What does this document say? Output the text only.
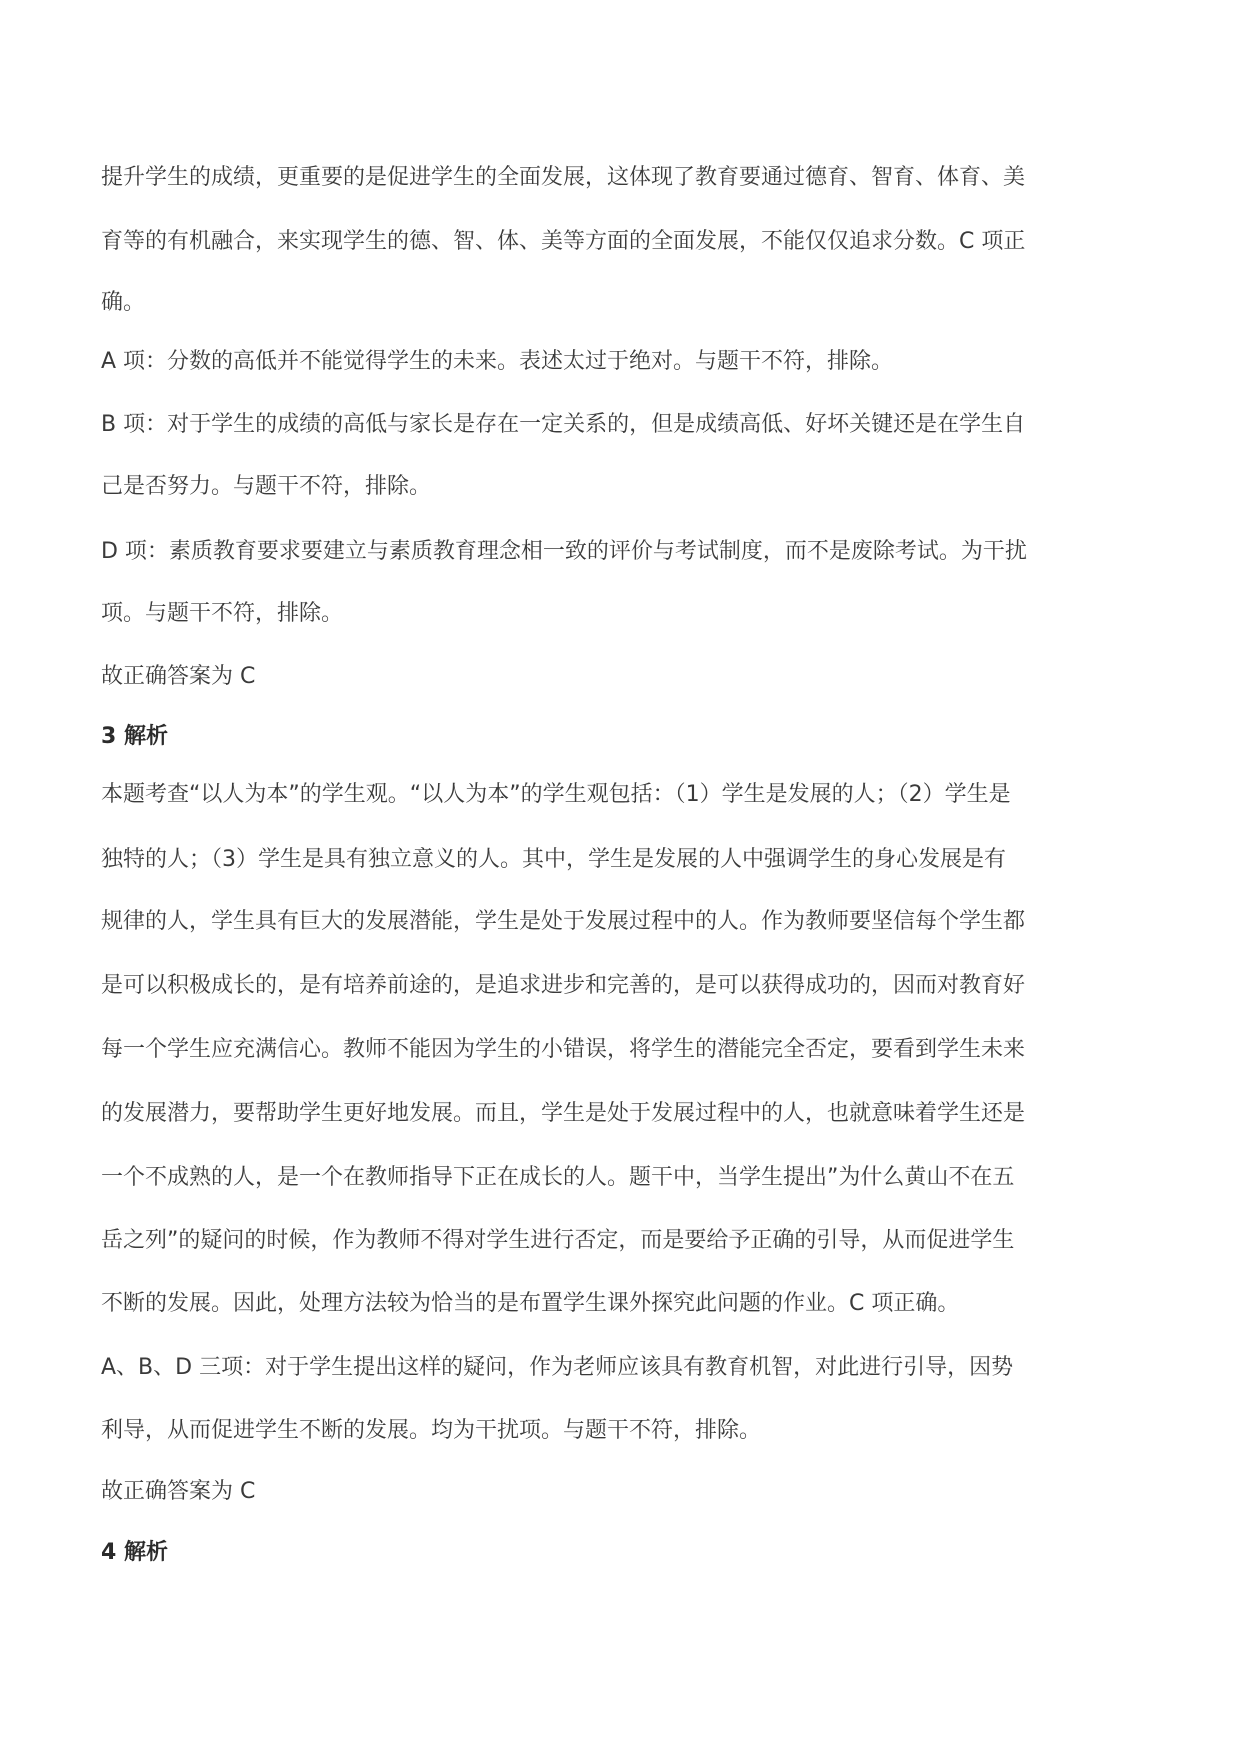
提升学生的成绩，更重要的是促进学生的全面发展，这体现了教育要通过德育、智育、体育、美
育等的有机融合，来实现学生的德、智、体、美等方面的全面发展，不能仅仅追求分数。C 项正
确。
A 项：分数的高低并不能觉得学生的未来。表述太过于绝对。与题干不符，排除。
B 项：对于学生的成绩的高低与家长是存在一定关系的，但是成绩高低、好坏关键还是在学生自
己是否努力。与题干不符，排除。
D 项：素质教育要求要建立与素质教育理念相一致的评价与考试制度，而不是废除考试。为干扰
项。与题干不符，排除。
故正确答案为 C
3 解析
本题考查“以人为本”的学生观。“以人为本”的学生观包括：（1）学生是发展的人；（2）学生是
独特的人；（3）学生是具有独立意义的人。其中，学生是发展的人中强调学生的身心发展是有
规律的人，学生具有巨大的发展潜能，学生是处于发展过程中的人。作为教师要坚信每个学生都
是可以积极成长的，是有培养前途的，是追求进步和完善的，是可以获得成功的，因而对教育好
每一个学生应充满信心。教师不能因为学生的小错误，将学生的潜能完全否定，要看到学生未来
的发展潜力，要帮助学生更好地发展。而且，学生是处于发展过程中的人，也就意味着学生还是
一个不成熟的人，是一个在教师指导下正在成长的人。题干中，当学生提出”为什么黄山不在五
岳之列”的疑问的时候，作为教师不得对学生进行否定，而是要给予正确的引导，从而促进学生
不断的发展。因此，处理方法较为恰当的是布置学生课外探究此问题的作业。C 项正确。
A、B、D 三项：对于学生提出这样的疑问，作为老师应该具有教育机智，对此进行引导，因势
利导，从而促进学生不断的发展。均为干扰项。与题干不符，排除。
故正确答案为 C
4 解析
